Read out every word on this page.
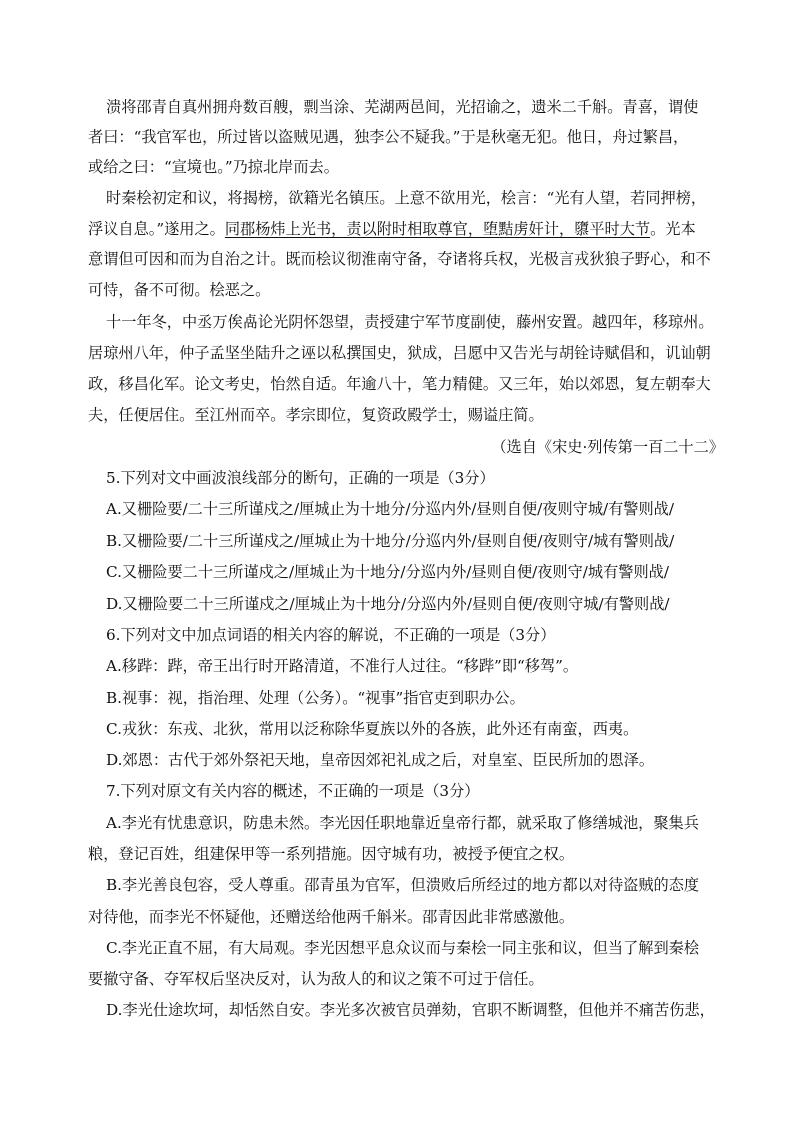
溃将邵青自真州拥舟数百艘，剽当涂、芜湖两邑间，光招谕之，遗米二千斛。青喜，谓使
者曰：“我官军也，所过皆以盗贼见遇，独李公不疑我。”于是秋毫无犯。他日，舟过繁昌，
或给之曰：“宣境也。”乃掠北岸而去。
时秦桧初定和议，将揭榜，欲籍光名镇压。上意不欲用光，桧言：“光有人望，若同押榜，
浮议自息。”遂用之。同郡杨炜上光书，责以附时相取尊官，堕黠虏奸计，隳平时大节。光本
意谓但可因和而为自治之计。既而桧议彻淮南守备，夺诸将兵权，光极言戎狄狼子野心，和不
可恃，备不可彻。桧恶之。
十一年冬，中丞万俟卨论光阴怀怨望，责授建宁军节度副使，藤州安置。越四年，移琼州。
居琼州八年，仲子孟坚坐陆升之诬以私撰国史，狱成，吕愿中又告光与胡铨诗赋倡和，讥讪朝
政，移昌化军。论文考史，怡然自适。年逾八十，笔力精健。又三年，始以郊恩，复左朝奉大
夫，任便居住。至江州而卒。孝宗即位，复资政殿学士，赐谥庄简。
（选自《宋史·列传第一百二十二》
5.下列对文中画波浪线部分的断句，正确的一项是（3分）
A.又栅险要/二十三所谨戍之/厘城止为十地分/分巡内外/昼则自便/夜则守城/有警则战/
B.又栅险要/二十三所谨戍之/厘城止为十地分/分巡内外/昼则自便/夜则守/城有警则战/
C.又栅险要二十三所谨戍之/厘城止为十地分/分巡内外/昼则自便/夜则守/城有警则战/
D.又栅险要二十三所谨戍之/厘城止为十地分/分巡内外/昼则自便/夜则守城/有警则战/
6.下列对文中加点词语的相关内容的解说，不正确的一项是（3分）
A.移跸：跸，帝王出行时开路清道，不准行人过往。“移跸”即“移驾”。
B.视事：视，指治理、处理（公务）。“视事”指官吏到职办公。
C.戎狄：东戎、北狄，常用以泛称除华夏族以外的各族，此外还有南蛮，西夷。
D.郊恩：古代于郊外祭祀天地，皇帝因郊祀礼成之后，对皇室、臣民所加的恩泽。
7.下列对原文有关内容的概述，不正确的一项是（3分）
A.李光有忧患意识，防患未然。李光因任职地靠近皇帝行都，就采取了修缮城池，聚集兵
粮，登记百姓，组建保甲等一系列措施。因守城有功，被授予便宜之权。
B.李光善良包容，受人尊重。邵青虽为官军，但溃败后所经过的地方都以对待盗贼的态度
对待他，而李光不怀疑他，还赠送给他两千斛米。邵青因此非常感激他。
C.李光正直不屈，有大局观。李光因想平息众议而与秦桧一同主张和议，但当了解到秦桧
要撤守备、夺军权后坚决反对，认为敌人的和议之策不可过于信任。
D.李光仕途坎坷，却恬然自安。李光多次被官员弹劾，官职不断调整，但他并不痛苦伤悲，
